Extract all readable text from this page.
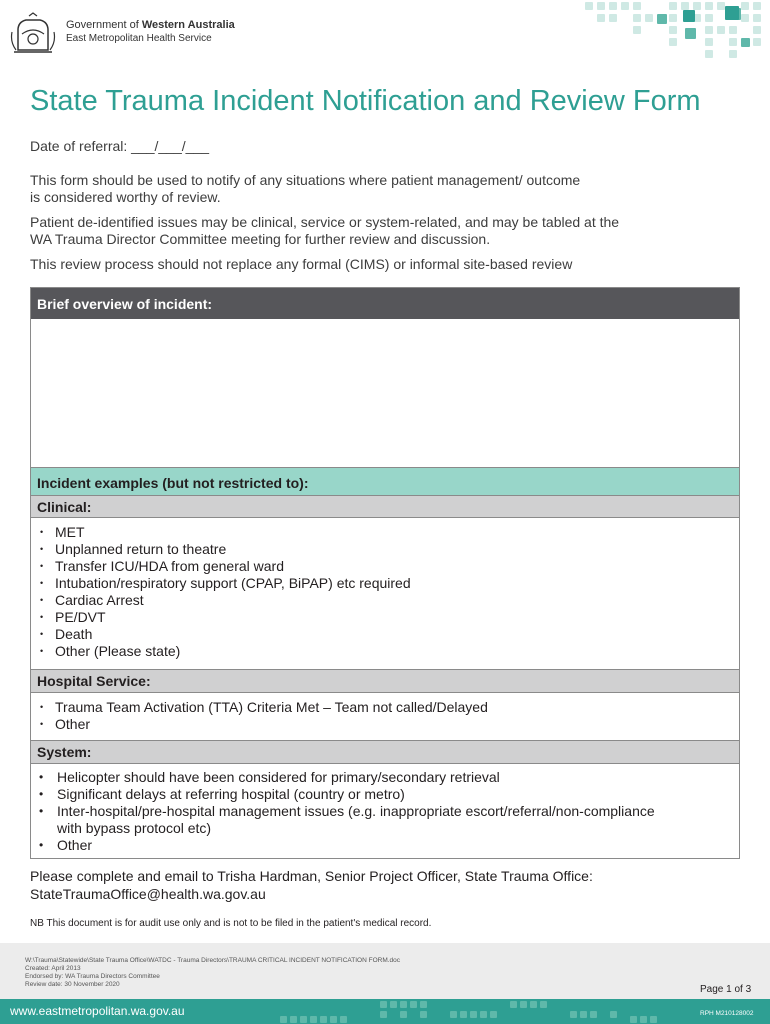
Government of Western Australia
East Metropolitan Health Service
State Trauma Incident Notification and Review Form

Date of referral: ___/___/___

This form should be used to notify of any situations where patient management/ outcome

is considered worthy of review.

Patient de-identified issues may be clinical, service or system-related, and may be tabled at the

WA Trauma Director Committee meeting for further review and discussion.

This review process should not replace any formal (CIMS) or informal site-based review

Brief overview of incident:
Incident examples (but not restricted to):
Clinical:
• MET
• Unplanned return to theatre
• Transfer ICU/HDA from general ward
• Intubation/respiratory support (CPAP, BiPAP) etc required
• Cardiac Arrest
• PE/DVT
• Death
• Other (Please state)
Hospital Service:
• Trauma Team Activation (TTA) Criteria Met – Team not called/Delayed
• Other
System:
• Helicopter should have been considered for primary/secondary retrieval
• Significant delays at referring hospital (country or metro)
• Inter-hospital/pre-hospital management issues (e.g. inappropriate escort/referral/non-compliance
with bypass protocol etc)
• Other
Please complete and email to Trisha Hardman, Senior Project Officer, State Trauma Office:
StateTraumaOffice@health.wa.gov.au
NB This document is for audit use only and is not to be filed in the patient's medical record.
W:\Trauma\Statewide\State Trauma Office\WATDC - Trauma Directors\TRAUMA CRITICAL INCIDENT NOTIFICATION FORM.doc
Created: April 2013
Endorsed by: WA Trauma Directors Committee
Review date: 30 November 2020	Page 1 of 3
www.eastmetropolitan.wa.gov.au	RPH M210128002
